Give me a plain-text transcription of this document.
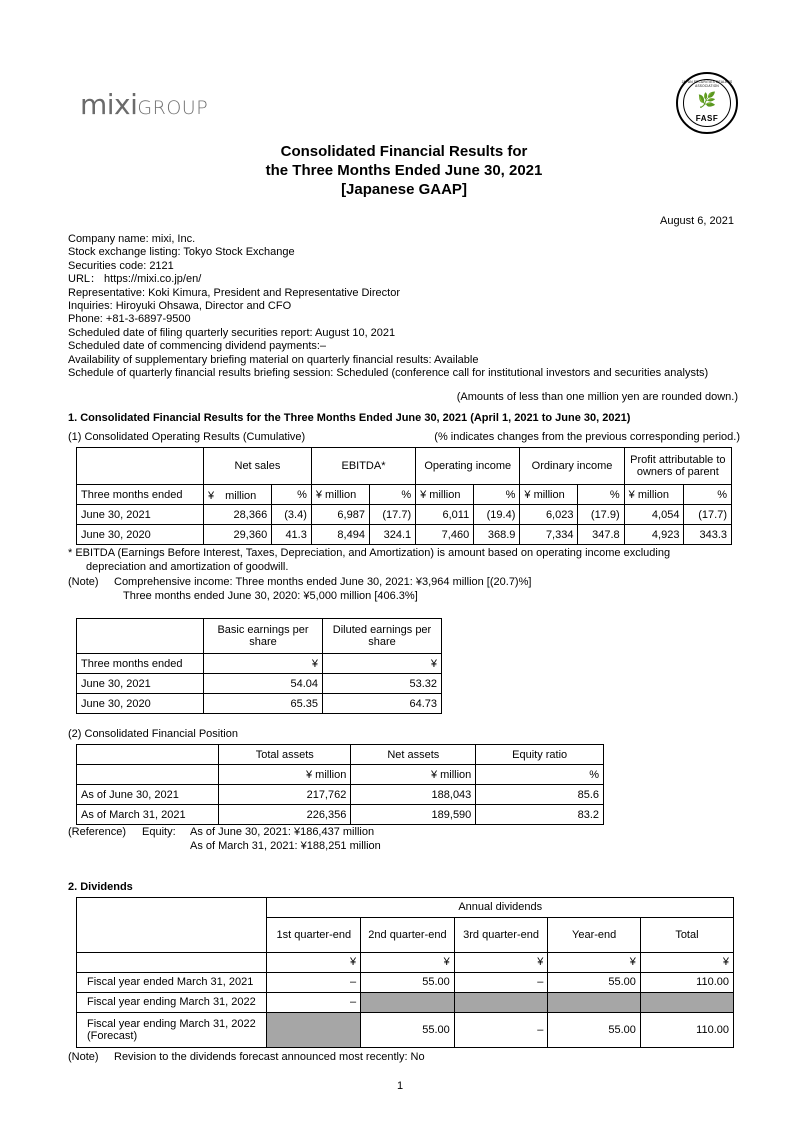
mixiGROUP
JAPAN SECURITIES DEALERS ASSOCIATION
🌿
FASF
Consolidated Financial Results for
the Three Months Ended June 30, 2021
[Japanese GAAP]
August 6, 2021
Company name: mixi, Inc.
Stock exchange listing: Tokyo Stock Exchange
Securities code: 2121
URL： https://mixi.co.jp/en/
Representative: Koki Kimura, President and Representative Director
Inquiries: Hiroyuki Ohsawa, Director and CFO
Phone: +81-3-6897-9500
Scheduled date of filing quarterly securities report: August 10, 2021
Scheduled date of commencing dividend payments:–
Availability of supplementary briefing material on quarterly financial results: Available
Schedule of quarterly financial results briefing session: Scheduled (conference call for institutional investors and securities analysts)
(Amounts of less than one million yen are rounded down.)
1. Consolidated Financial Results for the Three Months Ended June 30, 2021 (April 1, 2021 to June 30, 2021)
(1) Consolidated Operating Results (Cumulative)	(% indicates changes from the previous corresponding period.)
	Net sales		EBITDA*		Operating income		Ordinary income		Profit attributable to owners of parent	
Three months ended	¥　million	%	¥ million	%	¥ million	%	¥ million	%	¥ million	%
June 30, 2021	28,366	(3.4)	6,987	(17.7)	6,011	(19.4)	6,023	(17.9)	4,054	(17.7)
June 30, 2020	29,360	41.3	8,494	324.1	7,460	368.9	7,334	347.8	4,923	343.3
* EBITDA (Earnings Before Interest, Taxes, Depreciation, and Amortization) is amount based on operating income excluding
depreciation and amortization of goodwill.
(Note)	Comprehensive income: Three months ended June 30, 2021: ¥3,964 million [(20.7)%]
Three months ended June 30, 2020: ¥5,000 million [406.3%]
	Basic earnings per share	Diluted earnings per share
Three months ended	¥	¥
June 30, 2021	54.04	53.32
June 30, 2020	65.35	64.73
(2) Consolidated Financial Position
	Total assets	Net assets	Equity ratio
	¥ million	¥ million	%
As of June 30, 2021	217,762	188,043	85.6
As of March 31, 2021	226,356	189,590	83.2
(Reference)	Equity:	As of June 30, 2021: ¥186,437 million
As of March 31, 2021: ¥188,251 million
2. Dividends
	Annual dividends				
	1st quarter-end	2nd quarter-end	3rd quarter-end	Year-end	Total
	¥	¥	¥	¥	¥
Fiscal year ended March 31, 2021	–	55.00	–	55.00	110.00
Fiscal year ending March 31, 2022	–				
Fiscal year ending March 31, 2022 (Forecast)		55.00	–	55.00	110.00
(Note)	Revision to the dividends forecast announced most recently: No
1
